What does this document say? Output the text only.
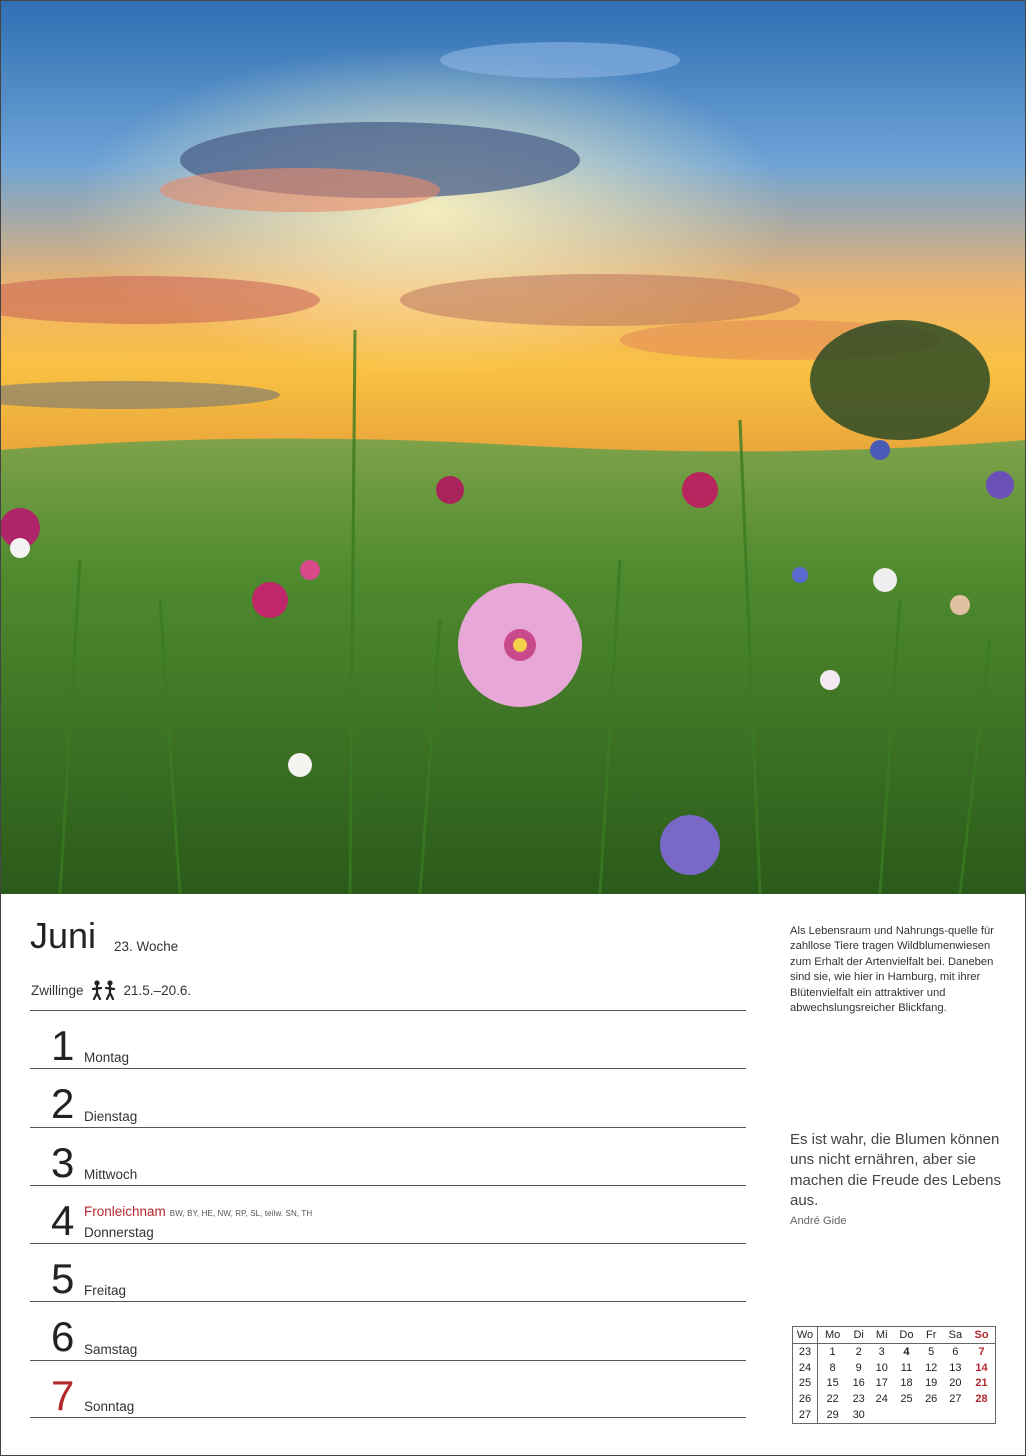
Juni 23. Woche
Zwillinge	21.5.–20.6.
1 Montag
2 Dienstag
3 Mittwoch
4 Fronleichnam BW, BY, HE, NW, RP, SL, teilw. SN, TH
Donnerstag
5 Freitag
6 Samstag
7 Sonntag
Als Lebensraum und Nahrungs-quelle für zahllose Tiere tragen Wildblumenwiesen zum Erhalt der Artenvielfalt bei. Daneben sind sie, wie hier in Hamburg, mit ihrer Blütenvielfalt ein attraktiver und abwechslungsreicher Blickfang.
Es ist wahr, die Blumen können uns nicht ernähren, aber sie machen die Freude des Lebens aus.
André Gide
Wo	Mo	Di	Mi	Do	Fr	Sa	So
23	1	2	3	4	5	6	7
24	8	9	10	11	12	13	14
25	15	16	17	18	19	20	21
26	22	23	24	25	26	27	28
27	29	30					
